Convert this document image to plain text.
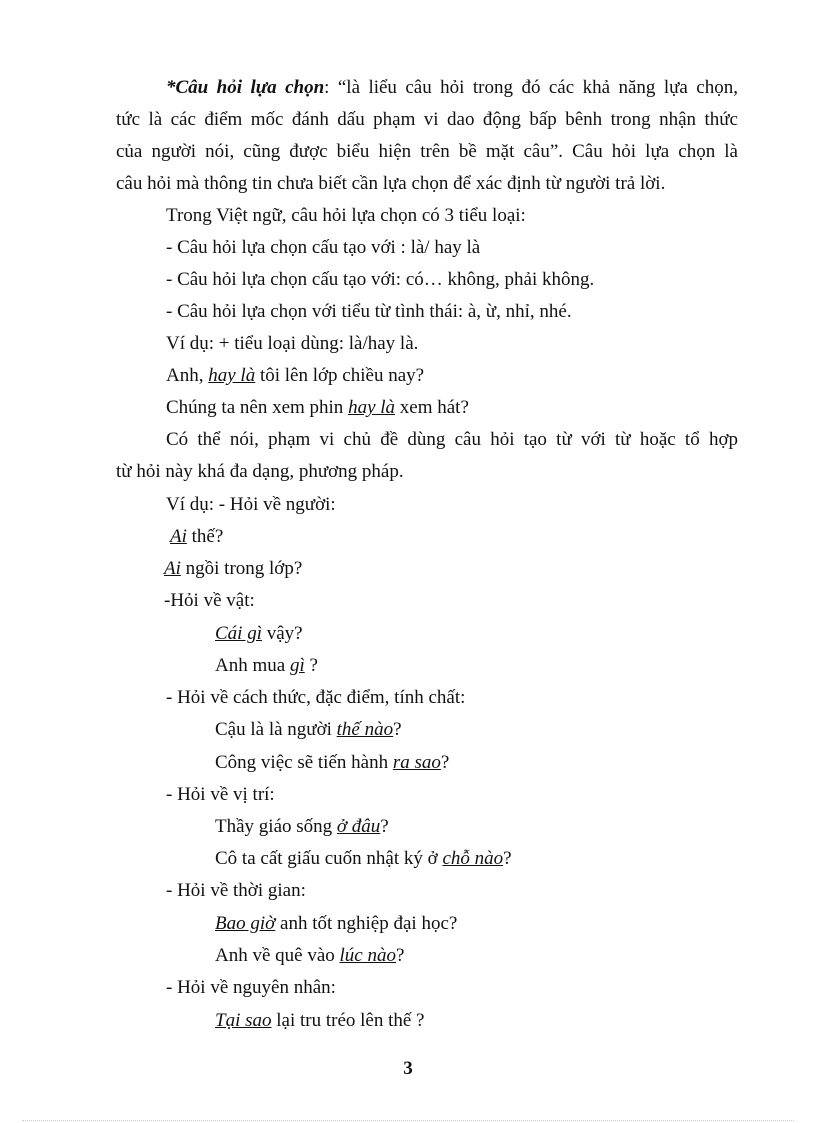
*Câu hỏi lựa chọn: “là liểu câu hỏi trong đó các khả năng lựa chọn,
tức là các điểm mốc đánh dấu phạm vi dao động bấp bênh trong nhận thức
của người nói, cũng được biểu hiện trên bề mặt câu”. Câu hỏi lựa chọn là
câu hỏi mà thông tin chưa biết cần lựa chọn để xác định từ người trả lời.
Trong Việt ngữ, câu hỏi lựa chọn có 3 tiểu loại:
- Câu hỏi lựa chọn cấu tạo với : là/ hay là
- Câu hỏi lựa chọn cấu tạo với: có… không, phải không.
- Câu hỏi lựa chọn với tiểu từ tình thái: à, ừ, nhỉ, nhé.
Ví dụ: + tiểu loại dùng: là/hay là.
Anh, hay là tôi lên lớp chiều nay?
Chúng ta nên xem phin hay là xem hát?
Có thể nói, phạm vi chủ đề dùng câu hỏi tạo từ với từ hoặc tổ hợp
từ hỏi này khá đa dạng, phương pháp.
Ví dụ: - Hỏi về người:
Ai thế?
Ai ngồi trong lớp?
-Hỏi về vật:
Cái gì vậy?
Anh mua gì ?
- Hỏi về cách thức, đặc điểm, tính chất:
Cậu là là người thế nào?
Công việc sẽ tiến hành ra sao?
- Hỏi về vị trí:
Thầy giáo sống ở đâu?
Cô ta cất giấu cuốn nhật ký ở chỗ nào?
- Hỏi về thời gian:
Bao giờ anh tốt nghiệp đại học?
Anh về quê vào lúc nào?
- Hỏi về nguyên nhân:
Tại sao lại tru tréo lên thế ?
3
